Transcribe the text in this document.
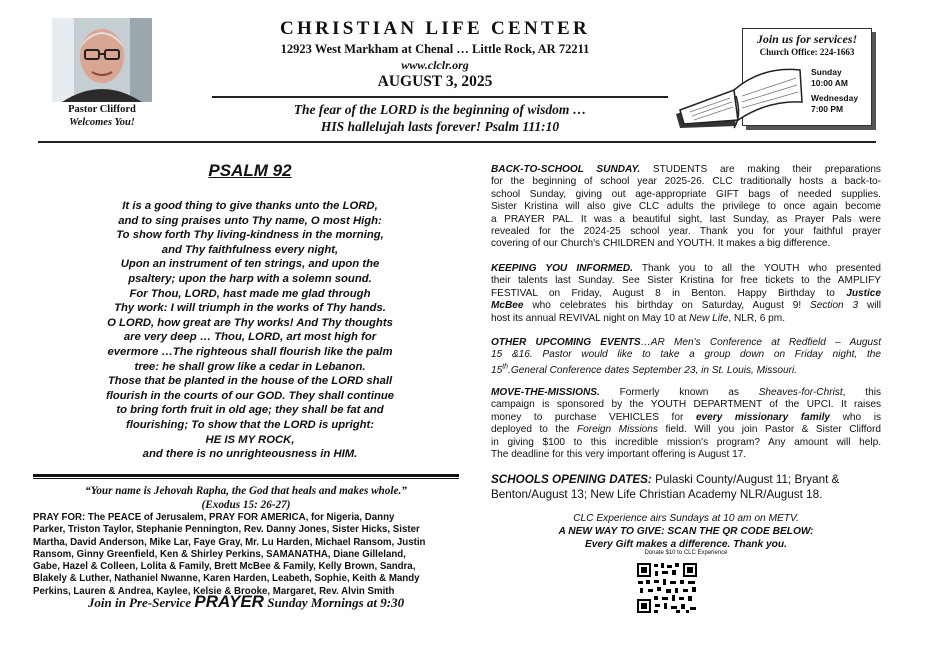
Pastor Clifford
Welcomes You!
CHRISTIAN LIFE CENTER
12923 West Markham at Chenal … Little Rock, AR 72211
www.clclr.org
AUGUST 3, 2025
The fear of the LORD is the beginning of wisdom …
HIS hallelujah lasts forever! Psalm 111:10
Join us for services!
Church Office: 224-1663
Sunday
10:00 AM
Wednesday
7:00 PM
PSALM 92
It is a good thing to give thanks unto the LORD,
and to sing praises unto Thy name, O most High:
To show forth Thy living-kindness in the morning,
and Thy faithfulness every night,
Upon an instrument of ten strings, and upon the
psaltery; upon the harp with a solemn sound.
For Thou, LORD, hast made me glad through
Thy work: I will triumph in the works of Thy hands.
O LORD, how great are Thy works! And Thy thoughts
are very deep … Thou, LORD, art most high for
evermore …The righteous shall flourish like the palm
tree: he shall grow like a cedar in Lebanon.
Those that be planted in the house of the LORD shall
flourish in the courts of our GOD. They shall continue
to bring forth fruit in old age; they shall be fat and
flourishing; To show that the LORD is upright:
HE IS MY ROCK,
and there is no unrighteousness in HIM.
“Your name is Jehovah Rapha, the God that heals and makes whole.”
(Exodus 15: 26-27)
PRAY FOR: The PEACE of Jerusalem, PRAY FOR AMERICA, for Nigeria, Danny
Parker, Triston Taylor, Stephanie Pennington, Rev. Danny Jones, Sister Hicks, Sister
Martha, David Anderson, Mike Lar, Faye Gray, Mr. Lu Harden, Michael Ransom, Justin
Ransom, Ginny Greenfield, Ken & Shirley Perkins, SAMANATHA, Diane Gilleland,
Gabe, Hazel & Colleen, Lolita & Family, Brett McBee & Family, Kelly Brown, Sandra,
Blakely & Luther, Nathaniel Nwanne, Karen Harden, Leabeth, Sophie, Keith & Mandy
Perkins, Lauren & Andrea, Kaylee, Kelsie & Brooke, Margaret, Rev. Alvin Smith
Join in Pre-Service PRAYER Sunday Mornings at 9:30
BACK-TO-SCHOOL SUNDAY. STUDENTS are making their preparations
for the beginning of school year 2025-26. CLC traditionally hosts a back-to-
school Sunday, giving out age-appropriate GIFT bags of needed supplies.
Sister Kristina will also give CLC adults the privilege to once again become
a PRAYER PAL. It was a beautiful sight, last Sunday, as Prayer Pals were
revealed for the 2024-25 school year. Thank you for your faithful prayer
covering of our Church's CHILDREN and YOUTH. It makes a big difference.
KEEPING YOU INFORMED. Thank you to all the YOUTH who presented
their talents last Sunday. See Sister Kristina for free tickets to the AMPLIFY
FESTIVAL on Friday, August 8 in Benton. Happy Birthday to Justice
McBee who celebrates his birthday on Saturday, August 9! Section 3 will
host its annual REVIVAL night on May 10 at New Life, NLR, 6 pm.
OTHER UPCOMING EVENTS…AR Men's Conference at Redfield – August
15 &16. Pastor would like to take a group down on Friday night, the
15th.General Conference dates September 23, in St. Louis, Missouri.
MOVE-THE-MISSIONS. Formerly known as Sheaves-for-Christ, this
campaign is sponsored by the YOUTH DEPARTMENT of the UPCI. It raises
money to purchase VEHICLES for every missionary family who is
deployed to the Foreign Missions field. Will you join Pastor & Sister Clifford
in giving $100 to this incredible mission's program? Any amount will help.
The deadline for this very important offering is August 17.
SCHOOLS OPENING DATES: Pulaski County/August 11; Bryant &
Benton/August 13; New Life Christian Academy NLR/August 18.
CLC Experience airs Sundays at 10 am on METV.
A NEW WAY TO GIVE: SCAN THE QR CODE BELOW:
Every Gift makes a difference. Thank you.
Donate $10 to CLC Experience
